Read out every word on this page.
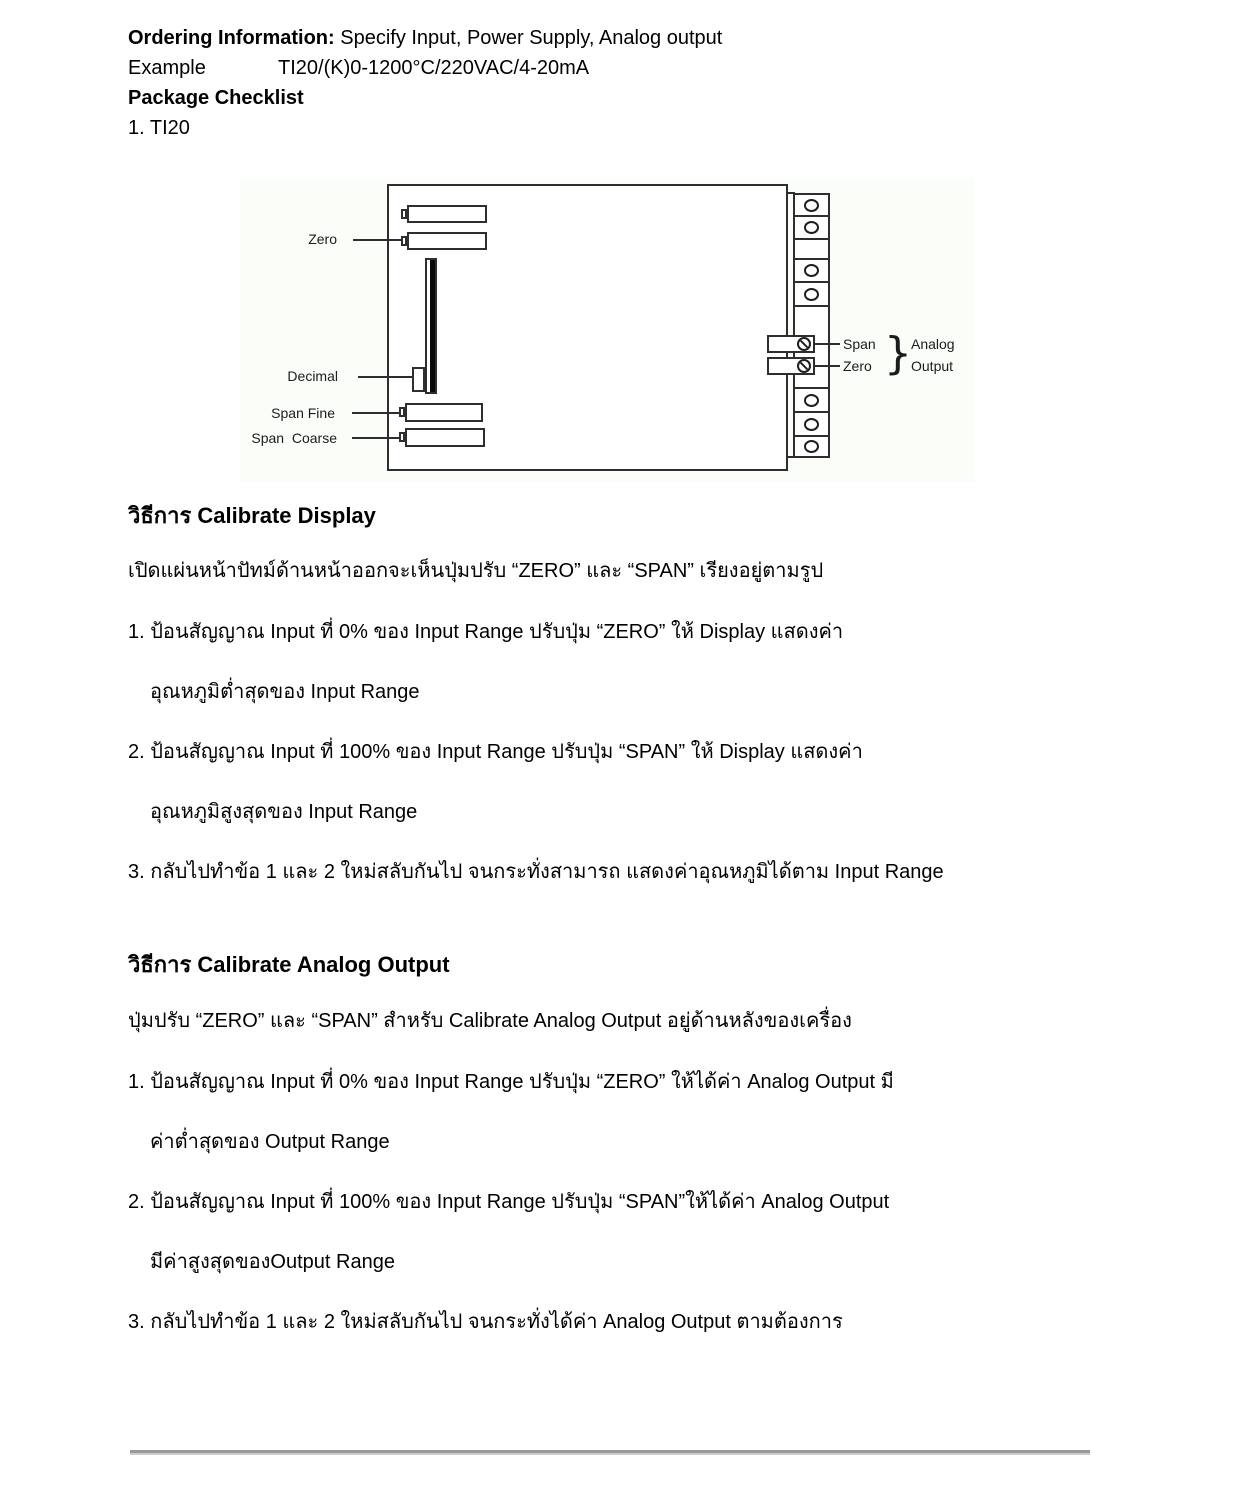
Ordering Information: Specify Input, Power Supply, Analog output
Example	TI20/(K)0-1200°C/220VAC/4-20mA
Package Checklist
1. TI20
Zero
Decimal
Span Fine
Span  Coarse
Span
Zero } Analog
Output
วิธีการ Calibrate Display
เปิดแผ่นหน้าปัทม์ด้านหน้าออกจะเห็นปุ่มปรับ “ZERO” และ “SPAN” เรียงอยู่ตามรูป
1. ป้อนสัญญาณ Input ที่ 0% ของ Input Range ปรับปุ่ม “ZERO” ให้ Display แสดงค่า
อุณหภูมิต่ำสุดของ Input Range
2. ป้อนสัญญาณ Input ที่ 100% ของ Input Range ปรับปุ่ม “SPAN” ให้ Display แสดงค่า
อุณหภูมิสูงสุดของ Input Range
3. กลับไปทำข้อ 1 และ 2 ใหม่สลับกันไป จนกระทั่งสามารถ แสดงค่าอุณหภูมิได้ตาม Input Range
วิธีการ Calibrate Analog Output
ปุ่มปรับ “ZERO” และ “SPAN” สำหรับ Calibrate Analog Output อยู่ด้านหลังของเครื่อง
1. ป้อนสัญญาณ Input ที่ 0% ของ Input Range ปรับปุ่ม “ZERO” ให้ได้ค่า Analog Output มี
ค่าต่ำสุดของ Output Range
2. ป้อนสัญญาณ Input ที่ 100% ของ Input Range ปรับปุ่ม “SPAN”ให้ได้ค่า Analog Output
มีค่าสูงสุดของOutput Range
3. กลับไปทำข้อ 1 และ 2 ใหม่สลับกันไป จนกระทั่งได้ค่า Analog Output ตามต้องการ
